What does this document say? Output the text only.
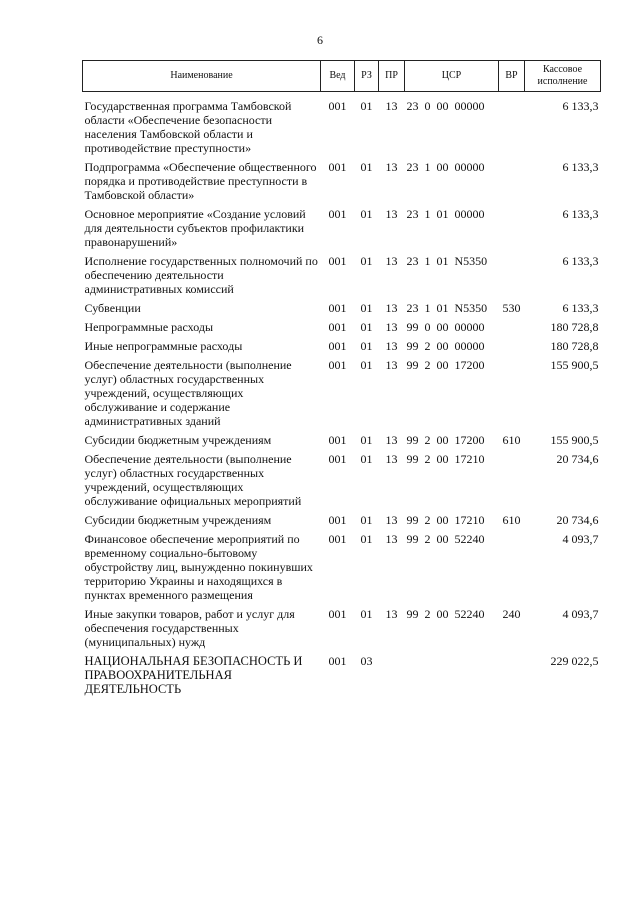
6
Наименование	Вед	РЗ	ПР	ЦСР	ВР	Кассовое исполнение
Государственная программа Тамбовской области «Обеспечение безопасности населения Тамбовской области и противодействие преступности»	001	01	13	23  0  00  00000		6 133,3
Подпрограмма «Обеспечение общественного порядка и противодействие преступности в Тамбовской области»	001	01	13	23  1  00  00000		6 133,3
Основное мероприятие «Создание условий для деятельности субъектов профилактики правонарушений»	001	01	13	23  1  01  00000		6 133,3
Исполнение государственных полномочий по обеспечению деятельности административных комиссий	001	01	13	23  1  01  N5350		6 133,3
Субвенции	001	01	13	23  1  01  N5350	530	6 133,3
Непрограммные расходы	001	01	13	99  0  00  00000		180 728,8
Иные непрограммные расходы	001	01	13	99  2  00  00000		180 728,8
Обеспечение деятельности (выполнение услуг) областных государственных учреждений, осуществляющих обслуживание и содержание административных зданий	001	01	13	99  2  00  17200		155 900,5
Субсидии бюджетным учреждениям	001	01	13	99  2  00  17200	610	155 900,5
Обеспечение деятельности (выполнение услуг) областных государственных учреждений, осуществляющих обслуживание официальных мероприятий	001	01	13	99  2  00  17210		20 734,6
Субсидии бюджетным учреждениям	001	01	13	99  2  00  17210	610	20 734,6
Финансовое обеспечение мероприятий по временному социально-бытовому обустройству лиц, вынужденно покинувших территорию Украины и находящихся в пунктах временного размещения	001	01	13	99  2  00  52240		4 093,7
Иные закупки товаров, работ и услуг для обеспечения государственных (муниципальных) нужд	001	01	13	99  2  00  52240	240	4 093,7
НАЦИОНАЛЬНАЯ БЕЗОПАСНОСТЬ И ПРАВООХРАНИТЕЛЬНАЯ ДЕЯТЕЛЬНОСТЬ	001	03				229 022,5
